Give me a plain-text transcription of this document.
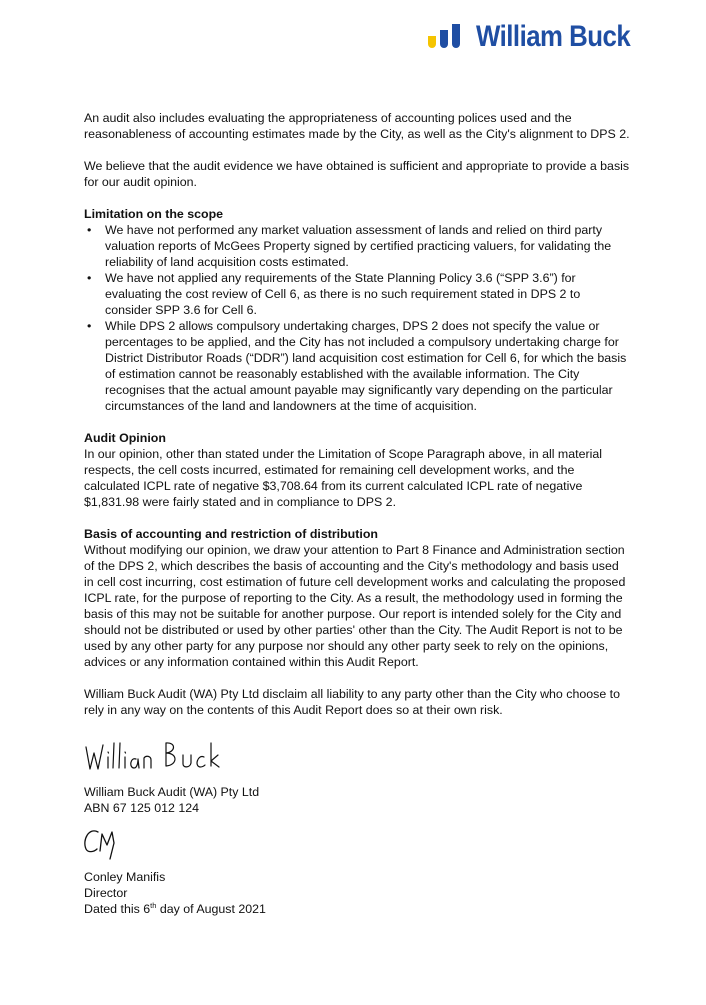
William Buck

An audit also includes evaluating the appropriateness of accounting polices used and the reasonableness of accounting estimates made by the City, as well as the City's alignment to DPS 2.

We believe that the audit evidence we have obtained is sufficient and appropriate to provide a basis for our audit opinion.

Limitation on the scope
• We have not performed any market valuation assessment of lands and relied on third party valuation reports of McGees Property signed by certified practicing valuers, for validating the reliability of land acquisition costs estimated.
• We have not applied any requirements of the State Planning Policy 3.6 (“SPP 3.6”) for evaluating the cost review of Cell 6, as there is no such requirement stated in DPS 2 to consider SPP 3.6 for Cell 6.
• While DPS 2 allows compulsory undertaking charges, DPS 2 does not specify the value or percentages to be applied, and the City has not included a compulsory undertaking charge for District Distributor Roads (“DDR”) land acquisition cost estimation for Cell 6, for which the basis of estimation cannot be reasonably established with the available information. The City recognises that the actual amount payable may significantly vary depending on the particular circumstances of the land and landowners at the time of acquisition.
Audit Opinion

In our opinion, other than stated under the Limitation of Scope Paragraph above, in all material respects, the cell costs incurred, estimated for remaining cell development works, and the calculated ICPL rate of negative $3,708.64 from its current calculated ICPL rate of negative $1,831.98 were fairly stated and in compliance to DPS 2.

Basis of accounting and restriction of distribution

Without modifying our opinion, we draw your attention to Part 8 Finance and Administration section of the DPS 2, which describes the basis of accounting and the City's methodology and basis used in cell cost incurring, cost estimation of future cell development works and calculating the proposed ICPL rate, for the purpose of reporting to the City. As a result, the methodology used in forming the basis of this may not be suitable for another purpose. Our report is intended solely for the City and should not be distributed or used by other parties' other than the City. The Audit Report is not to be used by any other party for any purpose nor should any other party seek to rely on the opinions, advices or any information contained within this Audit Report.

William Buck Audit (WA) Pty Ltd disclaim all liability to any party other than the City who choose to rely in any way on the contents of this Audit Report does so at their own risk.

William Buck Audit (WA) Pty Ltd

ABN 67 125 012 124

Conley Manifis

Director

Dated this 6th day of August 2021
